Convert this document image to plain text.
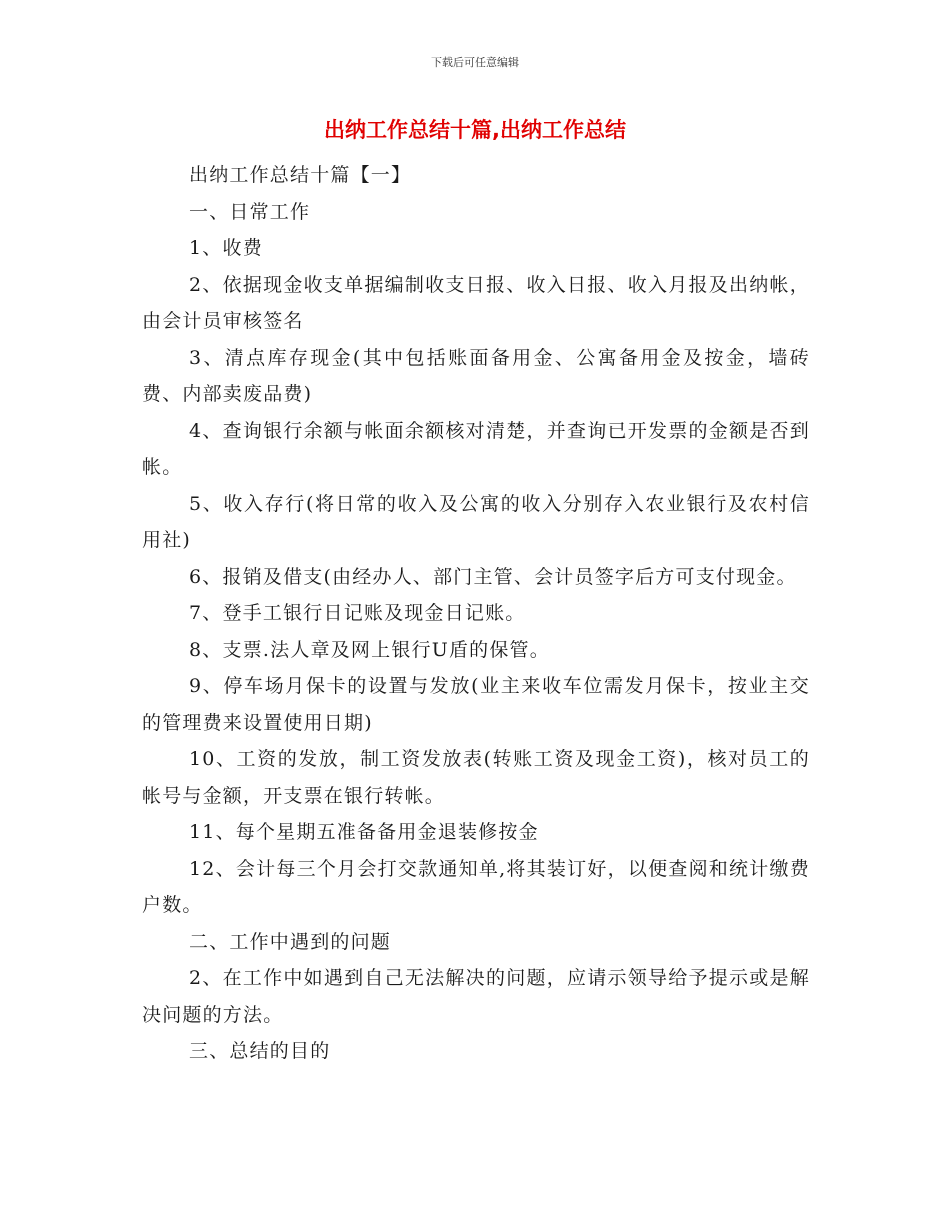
下载后可任意编辑
出纳工作总结十篇,出纳工作总结

出纳工作总结十篇【一】

一、日常工作

1、收费

2、依据现金收支单据编制收支日报、收入日报、收入月报及出纳帐，由会计员审核签名

3、清点库存现金(其中包括账面备用金、公寓备用金及按金，墙砖费、内部卖废品费)

4、查询银行余额与帐面余额核对清楚，并查询已开发票的金额是否到帐。

5、收入存行(将日常的收入及公寓的收入分别存入农业银行及农村信用社)

6、报销及借支(由经办人、部门主管、会计员签字后方可支付现金。

7、登手工银行日记账及现金日记账。

8、支票.法人章及网上银行U盾的保管。

9、停车场月保卡的设置与发放(业主来收车位需发月保卡，按业主交的管理费来设置使用日期)

10、工资的发放，制工资发放表(转账工资及现金工资)，核对员工的帐号与金额，开支票在银行转帐。

11、每个星期五准备备用金退装修按金

12、会计每三个月会打交款通知单,将其装订好，以便查阅和统计缴费户数。

二、工作中遇到的问题

2、在工作中如遇到自己无法解决的问题，应请示领导给予提示或是解决问题的方法。

三、总结的目的
